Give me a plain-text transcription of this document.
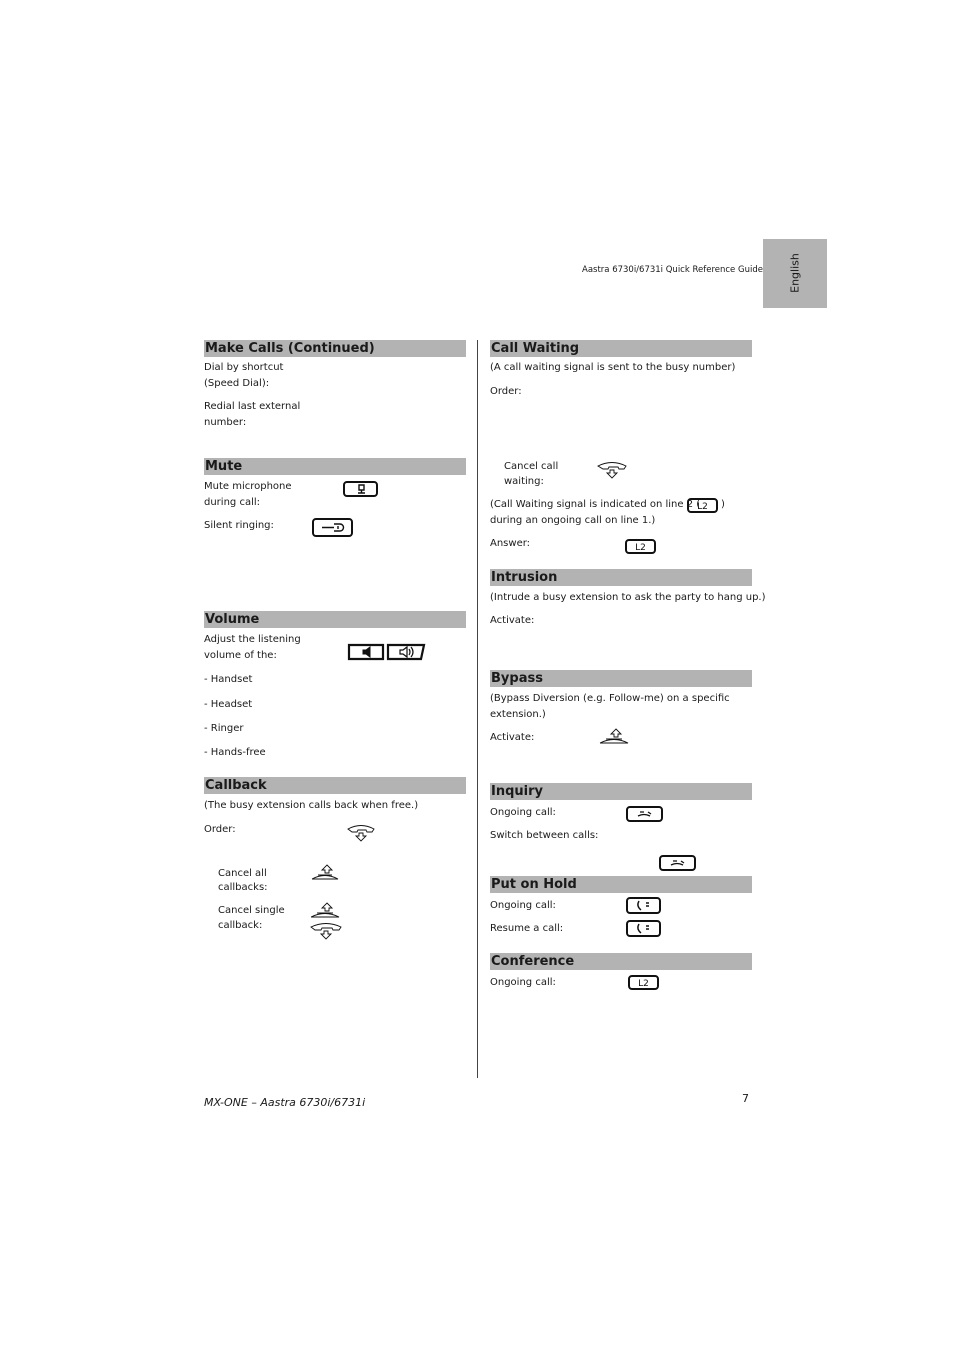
Aastra 6730i/6731i Quick Reference Guide English
Make Calls (Continued)
Dial by shortcut
(Speed Dial):
Redial last external
number:
Mute
Mute microphone
during call:
Silent ringing:
Volume
Adjust the listening
volume of the:
- Handset
- Headset
- Ringer
- Hands-free
Callback
(The busy extension calls back when free.)
Order:
Cancel all
callbacks:
Cancel single
callback:
Call Waiting
(A call waiting signal is sent to the busy number)
Order:
Cancel call
waiting:
(Call Waiting signal is indicated on line 2 (
L2 )
during an ongoing call on line 1.)
Answer:	L2
Intrusion
(Intrude a busy extension to ask the party to hang up.)
Activate:
Bypass
(Bypass Diversion (e.g. Follow-me) on a specific
extension.)
Activate:
Inquiry
Ongoing call:
Switch between calls:
Put on Hold
Ongoing call:
Resume a call:
Conference
Ongoing call:	L2
MX-ONE – Aastra 6730i/6731i	7
